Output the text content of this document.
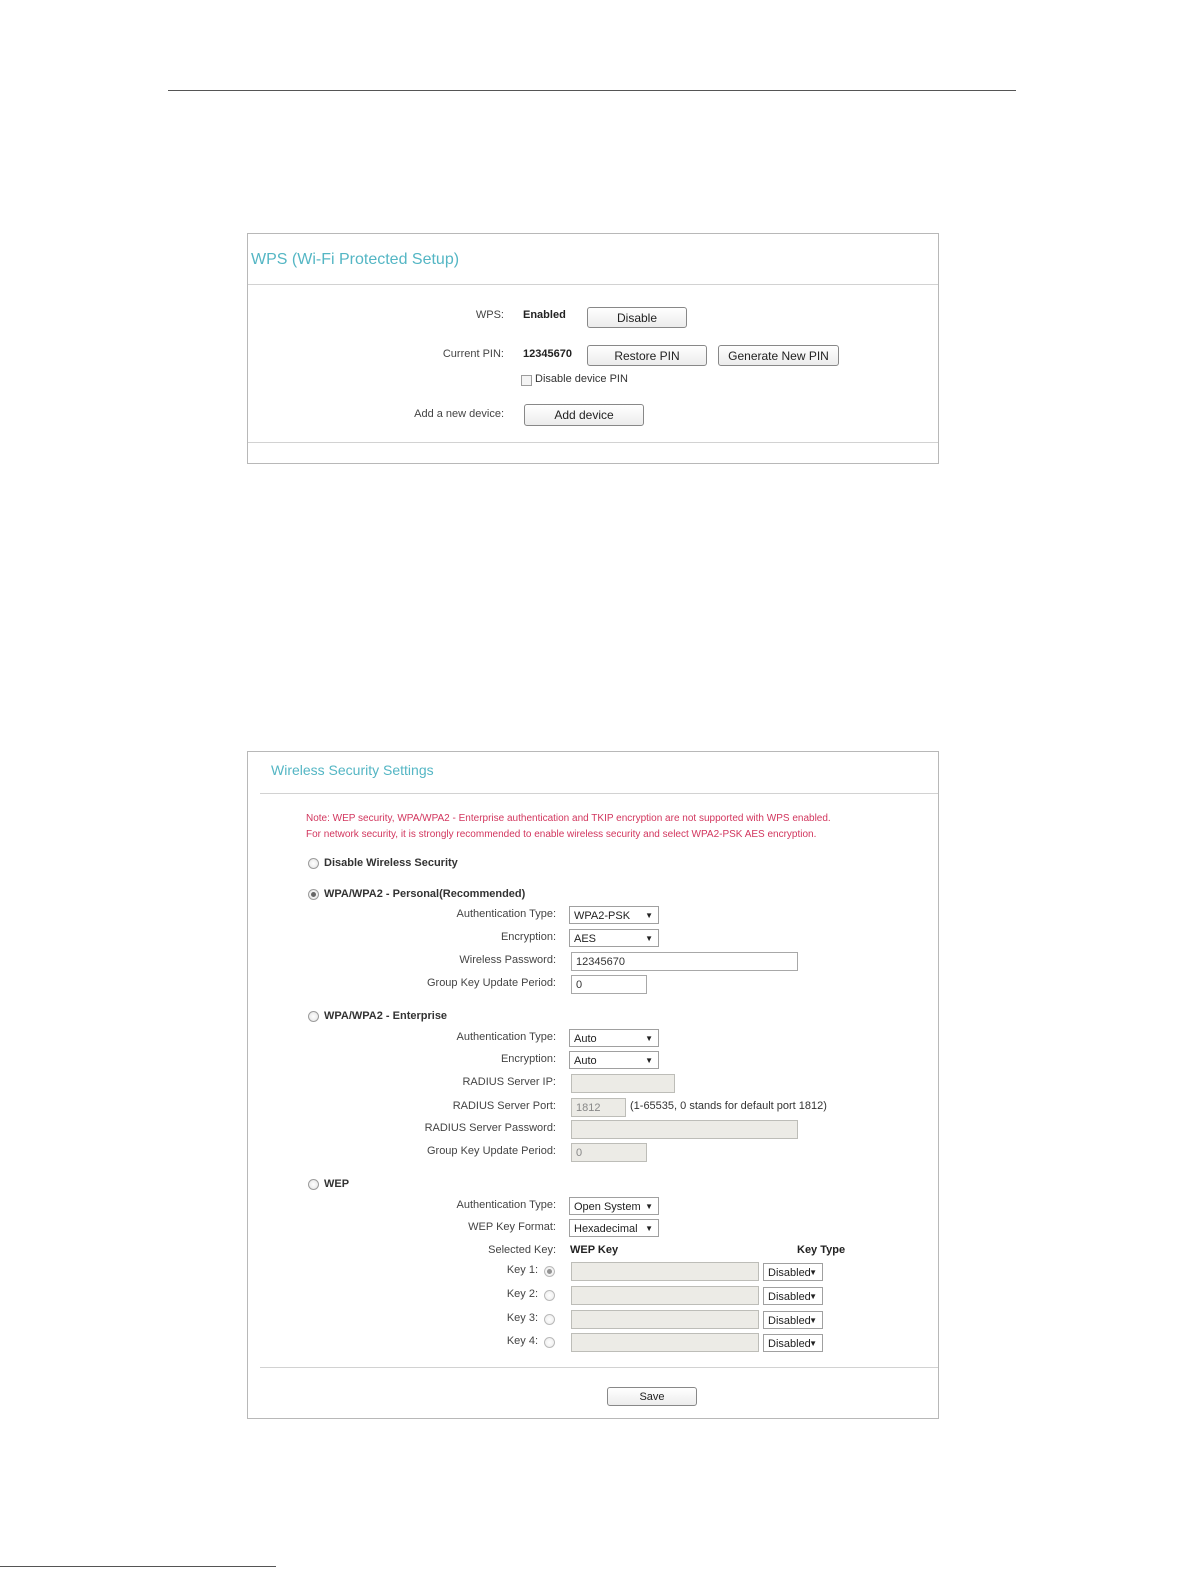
WPS (Wi-Fi Protected Setup)
WPS: Enabled	Disable
Current PIN: 12345670	Restore PIN	Generate New PIN
Disable device PIN
Add a new device:	Add device
Wireless Security Settings
Note: WEP security, WPA/WPA2 - Enterprise authentication and TKIP encryption are not supported with WPS enabled.
For network security, it is strongly recommended to enable wireless security and select WPA2-PSK AES encryption.
Disable Wireless Security
WPA/WPA2 - Personal(Recommended)
Authentication Type:	WPA2-PSK ▼
Encryption:	AES	▼
Wireless Password:	12345670
Group Key Update Period:	0
WPA/WPA2 - Enterprise
Authentication Type:	Auto	▼
Encryption:	Auto	▼
RADIUS Server IP:
RADIUS Server Port:	1812	(1-65535, 0 stands for default port 1812)
RADIUS Server Password:
Group Key Update Period:	0
WEP
Authentication Type:	Open System ▼
WEP Key Format:	Hexadecimal ▼
Selected Key: WEP Key	Key Type
Key 1:	Disabled
▼
Key 2:	Disabled
▼
Key 3:	Disabled
▼
Key 4:	Disabled
▼
Save
